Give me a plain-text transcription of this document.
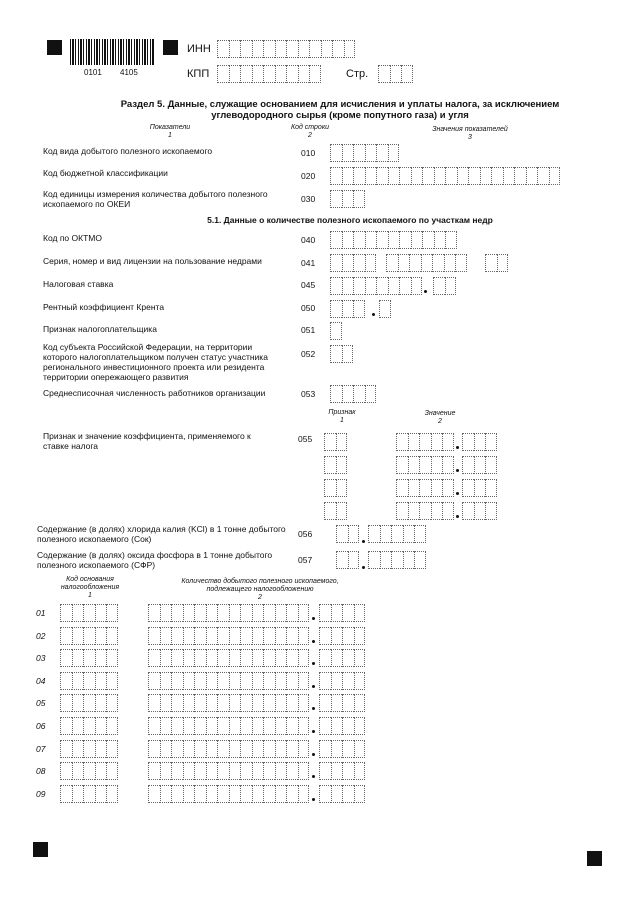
0101 4105
ИНН
КПП	Стр.
Раздел 5. Данные, служащие основанием для исчисления и уплаты налога, за исключением
углеводородного сырья (кроме попутного газа) и угля
Показатели
1
Код строки
2
Значения показателей
3
Код вида добытого полезного ископаемого	010
Код бюджетной классификации	020
Код единицы измерения количества добытого полезного ископаемого по ОКЕИ	030
5.1. Данные о количестве полезного ископаемого по участкам недр
Код по ОКТМО	040
Серия, номер и вид лицензии на пользование недрами	041
Налоговая ставка	045
Рентный коэффициент Крента	050
Признак налогоплательщика	051
Код субъекта Российской Федерации, на территории которого налогоплательщиком получен статус участника регионального инвестиционного проекта или резидента территории опережающего развития
052
Среднесписочная численность работников организации	053
Признак
1
Значение
2
Признак и значение коэффициента, применяемого к ставке налога
055
Содержание (в долях) хлорида калия (KCl) в 1 тонне добытого полезного ископаемого (Сок)	056
Содержание (в долях) оксида фосфора в 1 тонне добытого полезного ископаемого (СФР)	057
Код основания налогообложения
1
Количество добытого полезного ископаемого, подлежащего налогообложению
2
01
02
03
04
05
06
07
08
09
